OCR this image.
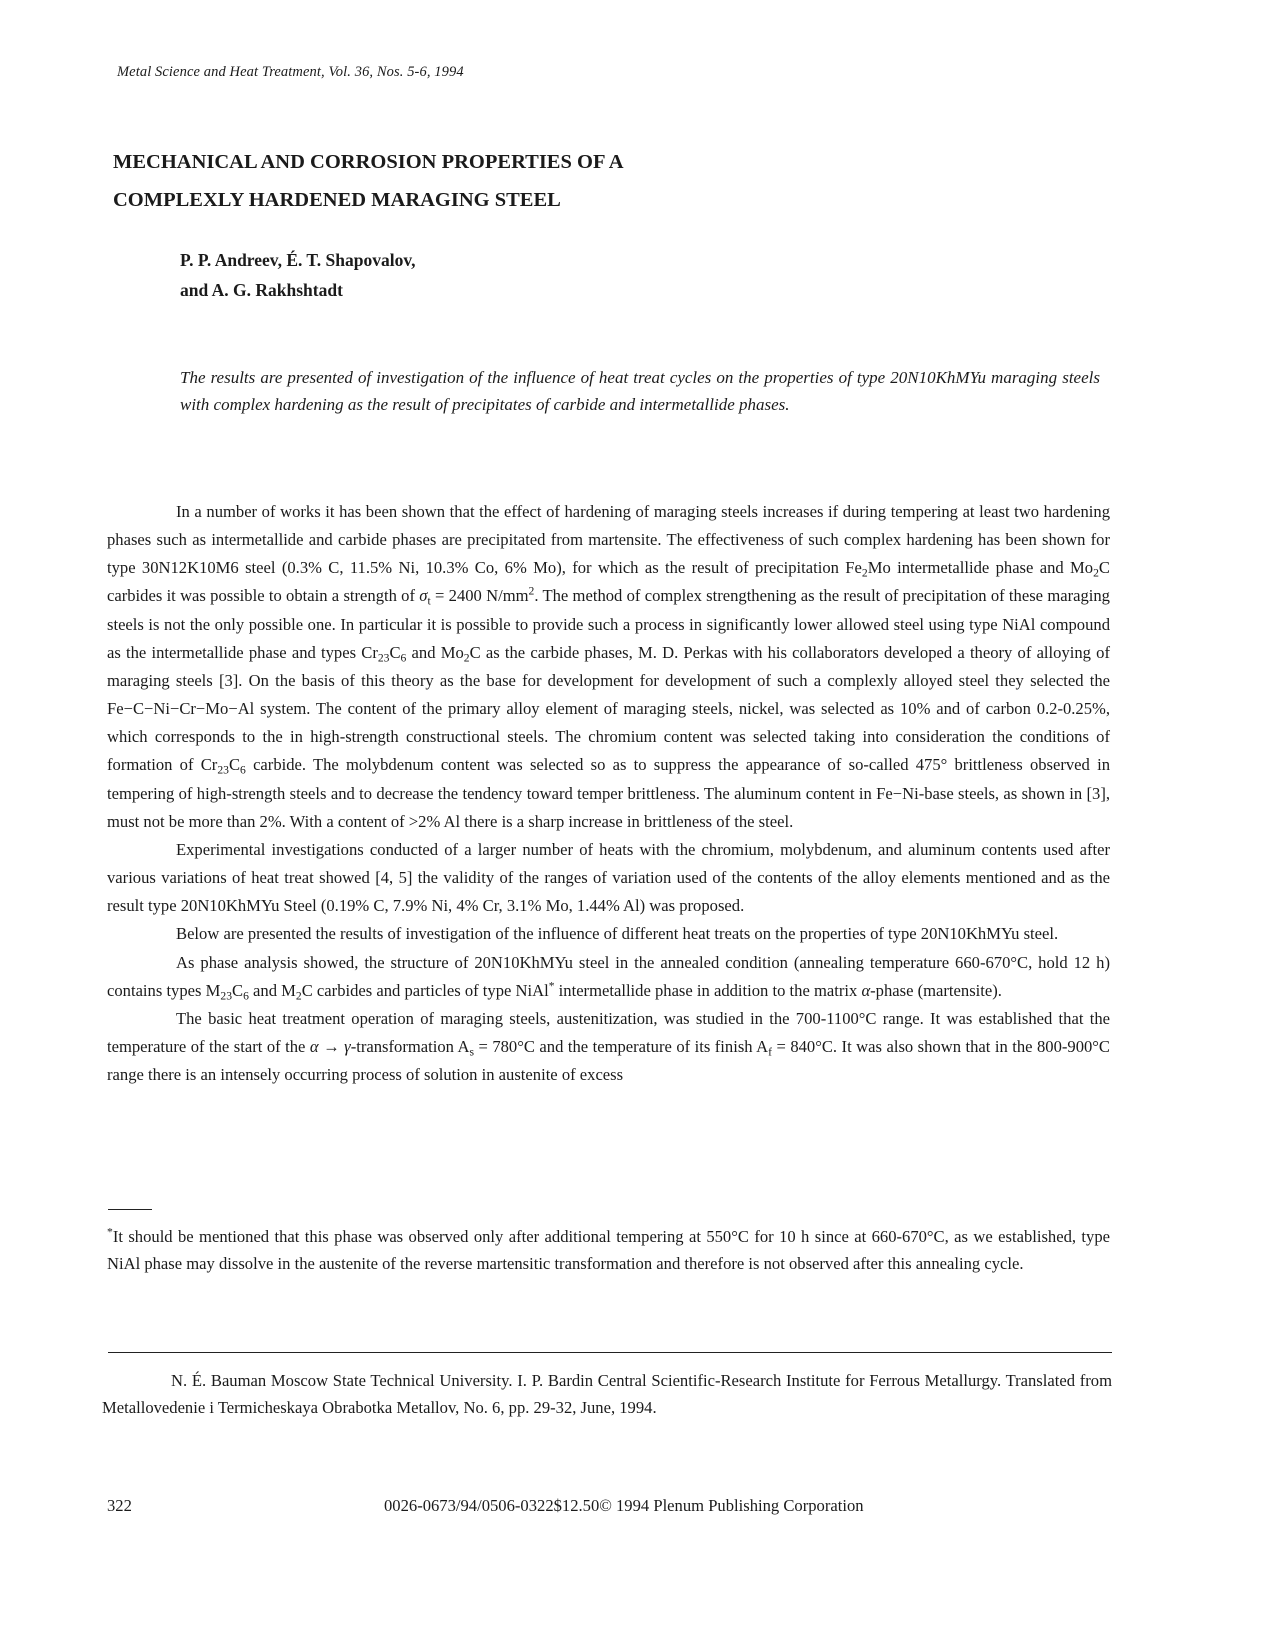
Metal Science and Heat Treatment, Vol. 36, Nos. 5-6, 1994
MECHANICAL AND CORROSION PROPERTIES OF A
COMPLEXLY HARDENED MARAGING STEEL
P. P. Andreev, É. T. Shapovalov,
and A. G. Rakhshtadt
The results are presented of investigation of the influence of heat treat cycles on the properties of type 20N10KhMYu maraging steels with complex hardening as the result of precipitates of carbide and intermetallide phases.

In a number of works it has been shown that the effect of hardening of maraging steels increases if during tempering at least two hardening phases such as intermetallide and carbide phases are precipitated from martensite. The effectiveness of such complex hardening has been shown for type 30N12K10M6 steel (0.3% C, 11.5% Ni, 10.3% Co, 6% Mo), for which as the result of precipitation $Fe_2Mo$ intermetallide phase and $Mo_2C$ carbides it was possible to obtain a strength of $\sigma_t = 2400$ $N/mm^2$. The method of complex strengthening as the result of precipitation of these maraging steels is not the only possible one. In particular it is possible to provide such a process in significantly lower allowed steel using type NiAl compound as the intermetallide phase and types $Cr_{23}C_6$ and $Mo_2C$ as the carbide phases, M. D. Perkas with his collaborators developed a theory of alloying of maraging steels [3]. On the basis of this theory as the base for development for development of such a complexly alloyed steel they selected the Fe−C−Ni−Cr−Mo−Al system. The content of the primary alloy element of maraging steels, nickel, was selected as 10% and of carbon 0.2-0.25%, which corresponds to the in high-strength constructional steels. The chromium content was selected taking into consideration the conditions of formation of $Cr_{23}C_6$ carbide. The molybdenum content was selected so as to suppress the appearance of so-called 475° brittleness observed in tempering of high-strength steels and to decrease the tendency toward temper brittleness. The aluminum content in Fe−Ni-base steels, as shown in [3], must not be more than 2%. With a content of >2% Al there is a sharp increase in brittleness of the steel.

Experimental investigations conducted of a larger number of heats with the chromium, molybdenum, and aluminum contents used after various variations of heat treat showed [4, 5] the validity of the ranges of variation used of the contents of the alloy elements mentioned and as the result type 20N10KhMYu Steel (0.19% C, 7.9% Ni, 4% Cr, 3.1% Mo, 1.44% Al) was proposed.

Below are presented the results of investigation of the influence of different heat treats on the properties of type 20N10KhMYu steel.

As phase analysis showed, the structure of 20N10KhMYu steel in the annealed condition (annealing temperature 660-670°C, hold 12 h) contains types $M_{23}C_6$ and $M_2C$ carbides and particles of type NiAl* intermetallide phase in addition to the matrix α-phase (martensite).

The basic heat treatment operation of maraging steels, austenitization, was studied in the 700-1100°C range. It was established that the temperature of the start of the α → γ-transformation $A_s = 780^\circ C$ and the temperature of its finish $A_f = 840^\circ C$. It was also shown that in the 800-900°C range there is an intensely occurring process of solution in austenite of excess

*It should be mentioned that this phase was observed only after additional tempering at 550°C for 10 h since at 660-670°C, as we established, type NiAl phase may dissolve in the austenite of the reverse martensitic transformation and therefore is not observed after this annealing cycle.
N. É. Bauman Moscow State Technical University. I. P. Bardin Central Scientific-Research Institute for Ferrous Metallurgy. Translated from Metallovedenie i Termicheskaya Obrabotka Metallov, No. 6, pp. 29-32, June, 1994.
322	0026-0673/94/0506-0322$12.50© 1994 Plenum Publishing Corporation
